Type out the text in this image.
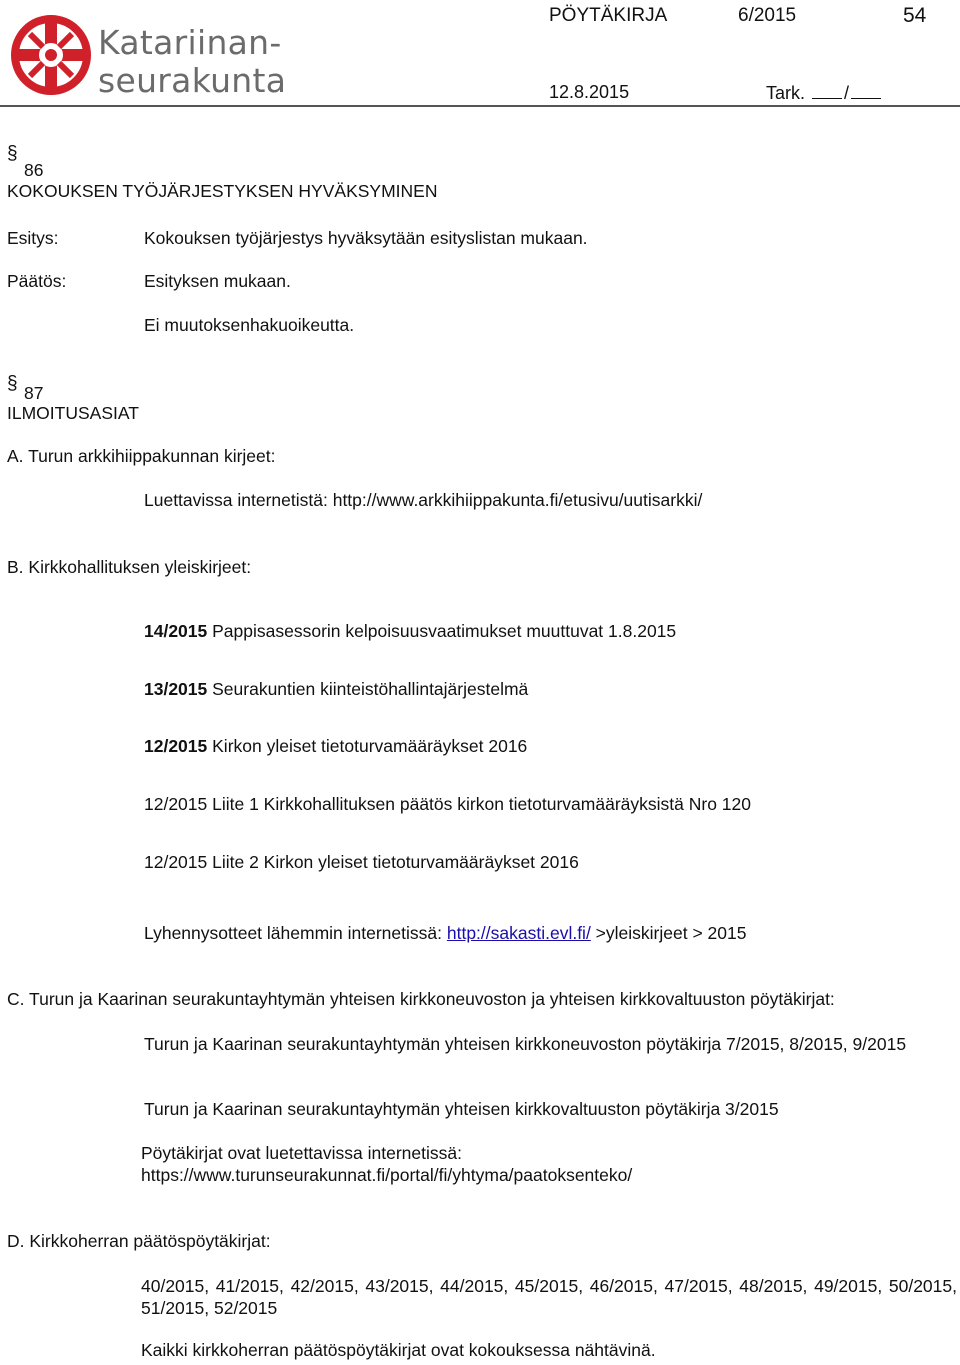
Katariinan-
seurakunta
PÖYTÄKIRJA	6/2015	54
12.8.2015	Tark. /
§
86
KOKOUKSEN TYÖJÄRJESTYKSEN HYVÄKSYMINEN
Esitys:	Kokouksen työjärjestys hyväksytään esityslistan mukaan.
Päätös:	Esityksen mukaan.
Ei muutoksenhakuoikeutta.
§ 87
ILMOITUSASIAT
A. Turun arkkihiippakunnan kirjeet:
Luettavissa internetistä: http://www.arkkihiippakunta.fi/etusivu/uutisarkki/
B. Kirkkohallituksen yleiskirjeet:
14/2015 Pappisasessorin kelpoisuusvaatimukset muuttuvat 1.8.2015
13/2015 Seurakuntien kiinteistöhallintajärjestelmä
12/2015 Kirkon yleiset tietoturvamääräykset 2016
12/2015 Liite 1 Kirkkohallituksen päätös kirkon tietoturvamääräyksistä Nro 120
12/2015 Liite 2 Kirkon yleiset tietoturvamääräykset 2016
Lyhennysotteet lähemmin internetissä: http://sakasti.evl.fi/ >yleiskirjeet > 2015
C. Turun ja Kaarinan seurakuntayhtymän yhteisen kirkkoneuvoston ja yhteisen kirkkovaltuuston pöytäkirjat:
Turun ja Kaarinan seurakuntayhtymän yhteisen kirkkoneuvoston pöytäkirja 7/2015, 8/2015, 9/2015
Turun ja Kaarinan seurakuntayhtymän yhteisen kirkkovaltuuston pöytäkirja 3/2015
Pöytäkirjat ovat luetettavissa internetissä:
https://www.turunseurakunnat.fi/portal/fi/yhtyma/paatoksenteko/
D. Kirkkoherran päätöspöytäkirjat:
40/2015, 41/2015, 42/2015, 43/2015, 44/2015, 45/2015, 46/2015, 47/2015, 48/2015, 49/2015, 50/2015, 51/2015, 52/2015
Kaikki kirkkoherran päätöspöytäkirjat ovat kokouksessa nähtävinä.
